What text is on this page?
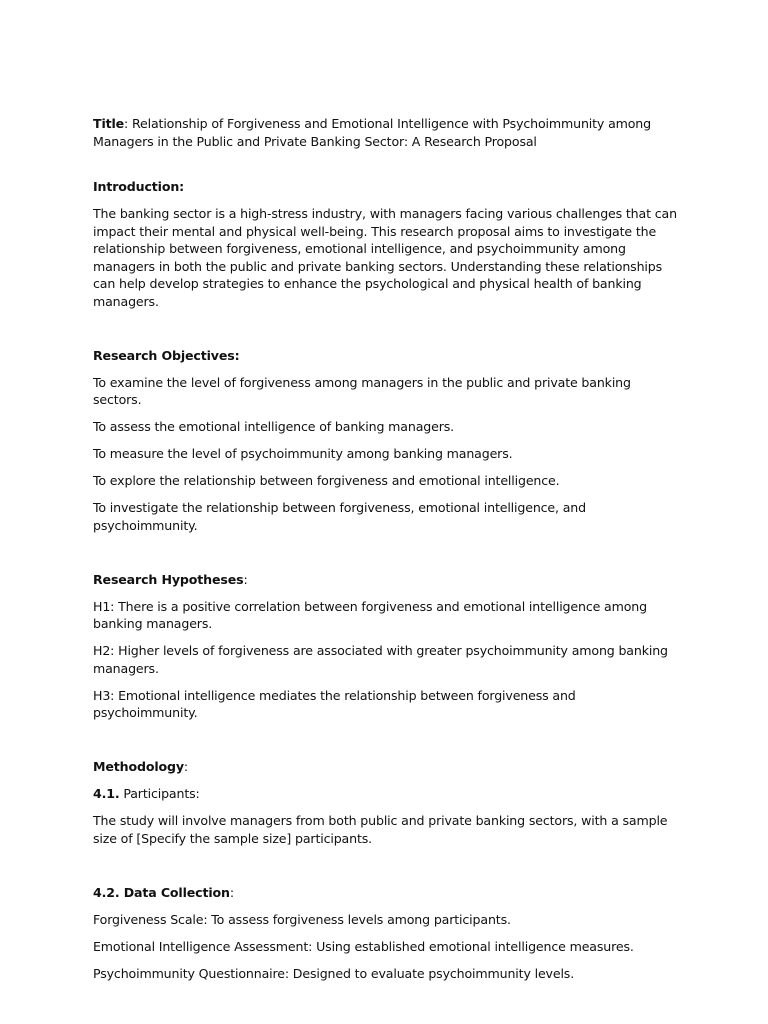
Title: Relationship of Forgiveness and Emotional Intelligence with Psychoimmunity among Managers in the Public and Private Banking Sector: A Research Proposal

Introduction:

The banking sector is a high-stress industry, with managers facing various challenges that can impact their mental and physical well-being. This research proposal aims to investigate the relationship between forgiveness, emotional intelligence, and psychoimmunity among managers in both the public and private banking sectors. Understanding these relationships can help develop strategies to enhance the psychological and physical health of banking managers.

Research Objectives:

To examine the level of forgiveness among managers in the public and private banking sectors.

To assess the emotional intelligence of banking managers.

To measure the level of psychoimmunity among banking managers.

To explore the relationship between forgiveness and emotional intelligence.

To investigate the relationship between forgiveness, emotional intelligence, and psychoimmunity.

Research Hypotheses:

H1: There is a positive correlation between forgiveness and emotional intelligence among banking managers.

H2: Higher levels of forgiveness are associated with greater psychoimmunity among banking managers.

H3: Emotional intelligence mediates the relationship between forgiveness and psychoimmunity.

Methodology:

4.1. Participants:

The study will involve managers from both public and private banking sectors, with a sample size of [Specify the sample size] participants.

4.2. Data Collection:

Forgiveness Scale: To assess forgiveness levels among participants.

Emotional Intelligence Assessment: Using established emotional intelligence measures.

Psychoimmunity Questionnaire: Designed to evaluate psychoimmunity levels.
